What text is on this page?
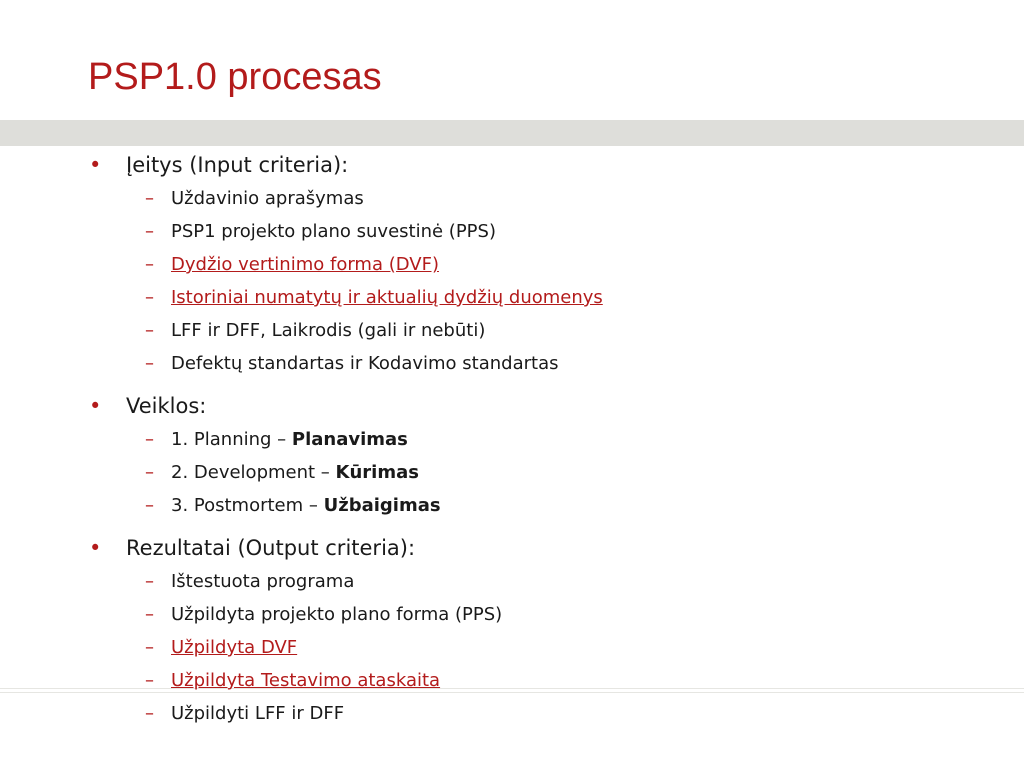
PSP1.0 procesas
• Įeitys (Input criteria):
– Uždavinio aprašymas
– PSP1 projekto plano suvestinė (PPS)
– Dydžio vertinimo forma (DVF)
– Istoriniai numatytų ir aktualių dydžių duomenys
– LFF ir DFF, Laikrodis (gali ir nebūti)
– Defektų standartas ir Kodavimo standartas
• Veiklos:
– 1. Planning – Planavimas
– 2. Development – Kūrimas
– 3. Postmortem – Užbaigimas
• Rezultatai (Output criteria):
– Ištestuota programa
– Užpildyta projekto plano forma (PPS)
– Užpildyta DVF
– Užpildyta Testavimo ataskaita
– Užpildyti LFF ir DFF
